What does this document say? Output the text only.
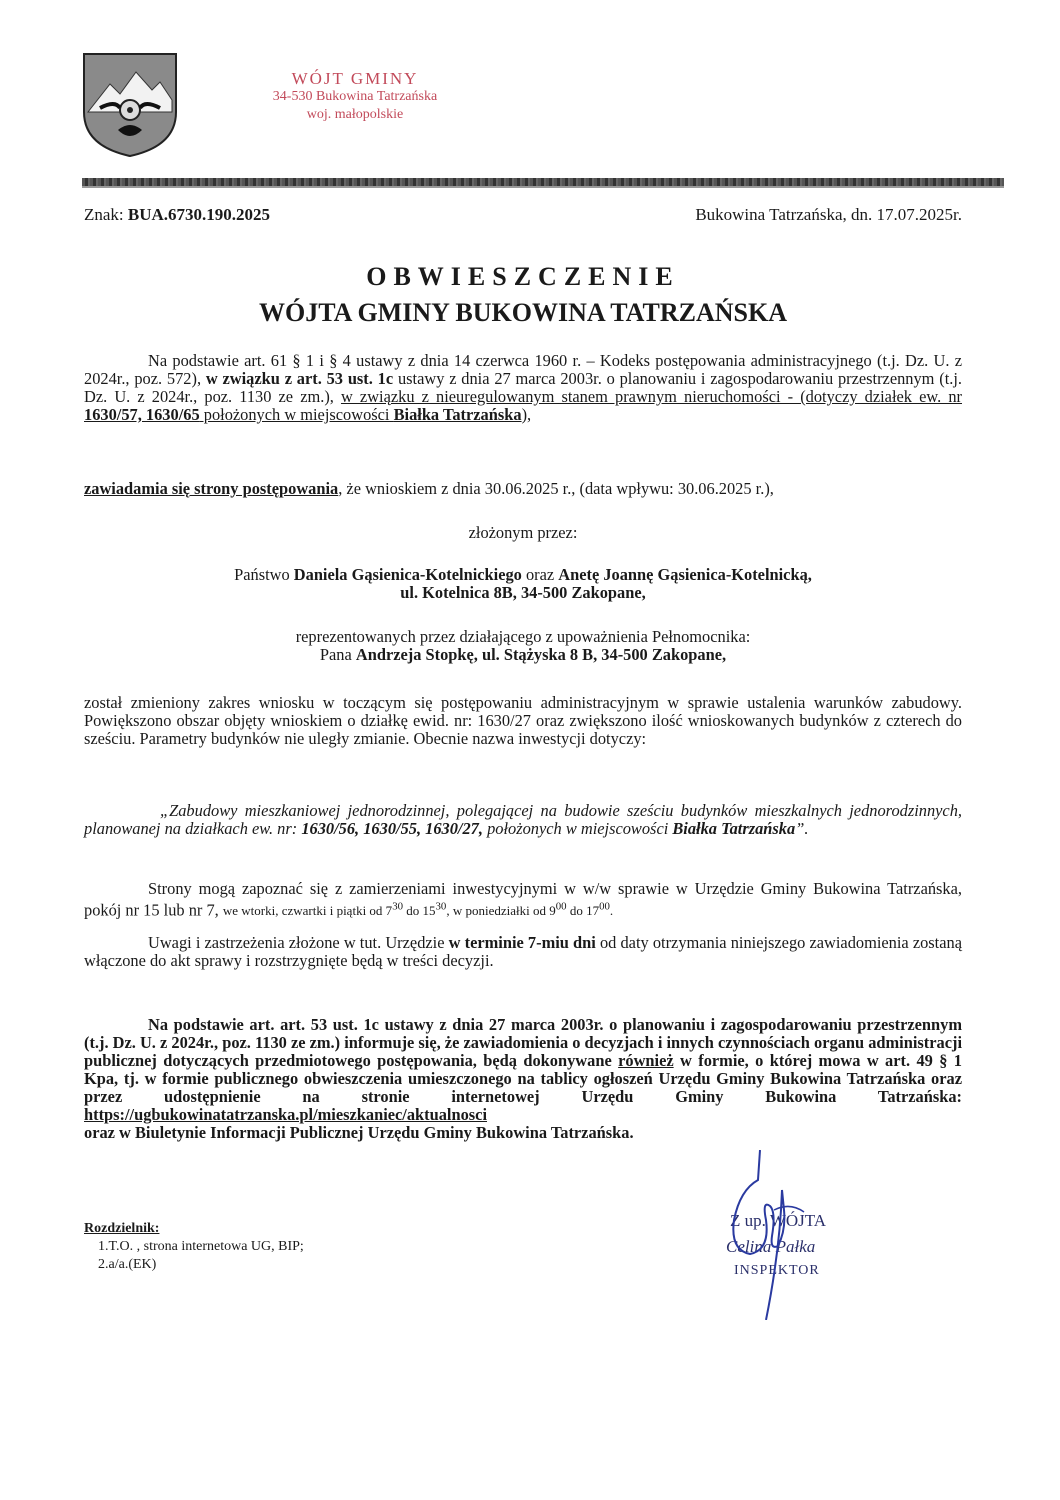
WÓJT GMINY
34-530 Bukowina Tatrzańska
woj. małopolskie
Znak: BUA.6730.190.2025	Bukowina Tatrzańska, dn. 17.07.2025r.
OBWIESZCZENIE
WÓJTA GMINY BUKOWINA TATRZAŃSKA
Na podstawie art. 61 § 1 i § 4 ustawy z dnia 14 czerwca 1960 r. – Kodeks postępowania administracyjnego (t.j. Dz. U. z 2024r., poz. 572), w związku z art. 53 ust. 1c ustawy z dnia 27 marca 2003r. o planowaniu i zagospodarowaniu przestrzennym (t.j. Dz. U. z 2024r., poz. 1130 ze zm.), w związku z nieuregulowanym stanem prawnym nieruchomości - (dotyczy działek ew. nr 1630/57, 1630/65 położonych w miejscowości Białka Tatrzańska),
zawiadamia się strony postępowania, że wnioskiem z dnia 30.06.2025 r., (data wpływu: 30.06.2025 r.),
złożonym przez:
Państwo Daniela Gąsienica-Kotelnickiego oraz Anetę Joannę Gąsienica-Kotelnicką,
ul. Kotelnica 8B, 34-500 Zakopane,
reprezentowanych przez działającego z upoważnienia Pełnomocnika:
Pana Andrzeja Stopkę, ul. Stążyska 8 B, 34-500 Zakopane,
został zmieniony zakres wniosku w toczącym się postępowaniu administracyjnym w sprawie ustalenia warunków zabudowy. Powiększono obszar objęty wnioskiem o działkę ewid. nr: 1630/27 oraz zwiększono ilość wnioskowanych budynków z czterech do sześciu. Parametry budynków nie uległy zmianie. Obecnie nazwa inwestycji dotyczy:
„Zabudowy mieszkaniowej jednorodzinnej, polegającej na budowie sześciu budynków mieszkalnych jednorodzinnych, planowanej na działkach ew. nr: 1630/56, 1630/55, 1630/27, położonych w miejscowości Białka Tatrzańska”.
Strony mogą zapoznać się z zamierzeniami inwestycyjnymi w w/w sprawie w Urzędzie Gminy Bukowina Tatrzańska, pokój nr 15 lub nr 7, we wtorki, czwartki i piątki od $7^{30}$ do $15^{30}$, w poniedziałki od $9^{00}$ do $17^{00}$.
Uwagi i zastrzeżenia złożone w tut. Urzędzie w terminie 7-miu dni od daty otrzymania niniejszego zawiadomienia zostaną włączone do akt sprawy i rozstrzygnięte będą w treści decyzji.
Na podstawie art. art. 53 ust. 1c ustawy z dnia 27 marca 2003r. o planowaniu i zagospodarowaniu przestrzennym (t.j. Dz. U. z 2024r., poz. 1130 ze zm.) informuje się, że zawiadomienia o decyzjach i innych czynnościach organu administracji publicznej dotyczących przedmiotowego postępowania, będą dokonywane również w formie, o której mowa w art. 49 § 1 Kpa, tj. w formie publicznego obwieszczenia umieszczonego na tablicy ogłoszeń Urzędu Gminy Bukowina Tatrzańska oraz przez udostępnienie na stronie internetowej Urzędu Gminy Bukowina Tatrzańska: https://ugbukowinatatrzanska.pl/mieszkaniec/aktualnosci
oraz w Biuletynie Informacji Publicznej Urzędu Gminy Bukowina Tatrzańska.
Rozdzielnik:
1.T.O. , strona internetowa UG, BIP;
2.a/a.(EK)
Z up. WÓJTA
Celina Pałka
INSPEKTOR
